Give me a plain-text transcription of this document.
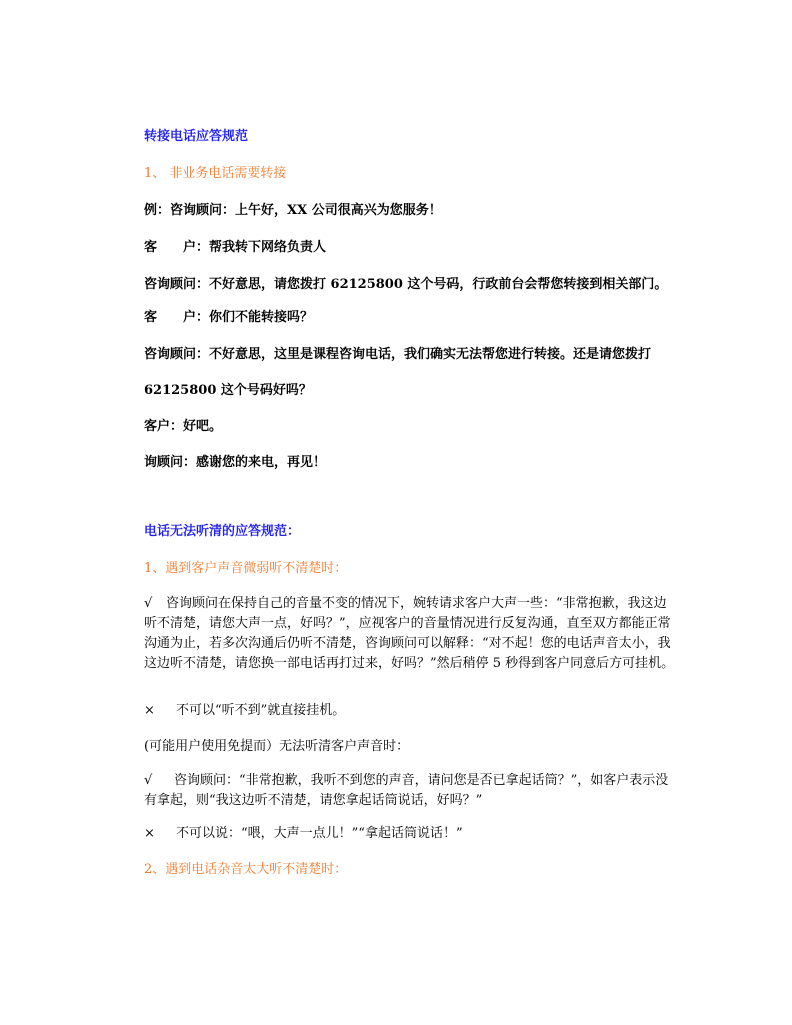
转接电话应答规范
1、 非业务电话需要转接
例：咨询顾问：上午好，XX 公司很高兴为您服务！
客　　户：帮我转下网络负责人
咨询顾问：不好意思，请您拨打 62125800 这个号码，行政前台会帮您转接到相关部门。
客　　户：你们不能转接吗？
咨询顾问：不好意思，这里是课程咨询电话，我们确实无法帮您进行转接。还是请您拨打
62125800 这个号码好吗？
客户：好吧。
询顾问：感谢您的来电，再见！
电话无法听清的应答规范：
1、遇到客户声音微弱听不清楚时：
√ 咨询顾问在保持自己的音量不变的情况下，婉转请求客户大声一些：“非常抱歉，我这边听不清楚，请您大声一点，好吗？”，应视客户的音量情况进行反复沟通，直至双方都能正常沟通为止，若多次沟通后仍听不清楚，咨询顾问可以解释：“对不起！您的电话声音太小，我这边听不清楚，请您换一部电话再打过来，好吗？”然后稍停 5 秒得到客户同意后方可挂机。
× 不可以“听不到”就直接挂机。
(可能用户使用免提而）无法听清客户声音时：
√ 咨询顾问：“非常抱歉，我听不到您的声音，请问您是否已拿起话筒？”，如客户表示没有拿起，则“我这边听不清楚，请您拿起话筒说话，好吗？”
× 不可以说：“喂，大声一点儿！”“拿起话筒说话！”
2、遇到电话杂音太大听不清楚时：
